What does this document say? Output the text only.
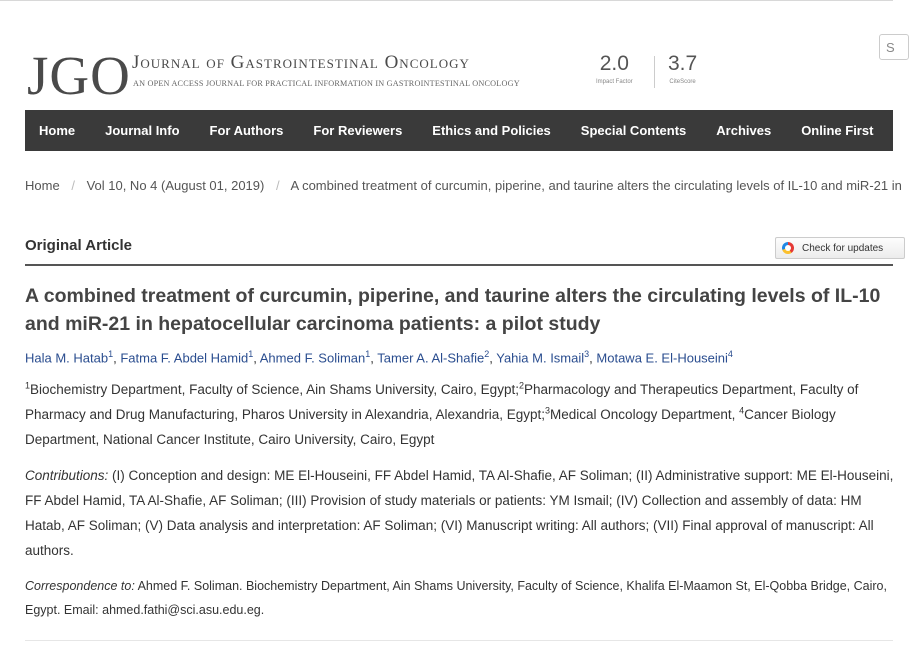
JGO Journal of Gastrointestinal Oncology
AN OPEN ACCESS JOURNAL FOR PRACTICAL INFORMATION IN GASTROINTESTINAL ONCOLOGY
2.0
Impact Factor
3.7
CiteScore
S
Home	Journal Info	For Authors	For Reviewers	Ethics and Policies	Special Contents	Archives	Online First
Home / Vol 10, No 4 (August 01, 2019) / A combined treatment of curcumin, piperine, and taurine alters the circulating levels of IL-10 and miR-21 in
Original Article	Check for updates
A combined treatment of curcumin, piperine, and taurine alters the circulating levels of IL-10 and miR-21 in hepatocellular carcinoma patients: a pilot study
Hala M. Hatab$^1$, Fatma F. Abdel Hamid$^1$, Ahmed F. Soliman$^1$, Tamer A. Al-Shafie$^2$, Yahia M. Ismail$^3$, Motawa E. El-Houseini$^4$
$^1$Biochemistry Department, Faculty of Science, Ain Shams University, Cairo, Egypt;$^2$Pharmacology and Therapeutics Department, Faculty of Pharmacy and Drug Manufacturing, Pharos University in Alexandria, Alexandria, Egypt;$^3$Medical Oncology Department, $^4$Cancer Biology Department, National Cancer Institute, Cairo University, Cairo, Egypt
Contributions: (I) Conception and design: ME El-Houseini, FF Abdel Hamid, TA Al-Shafie, AF Soliman; (II) Administrative support: ME El-Houseini, FF Abdel Hamid, TA Al-Shafie, AF Soliman; (III) Provision of study materials or patients: YM Ismail; (IV) Collection and assembly of data: HM Hatab, AF Soliman; (V) Data analysis and interpretation: AF Soliman; (VI) Manuscript writing: All authors; (VII) Final approval of manuscript: All authors.
Correspondence to: Ahmed F. Soliman. Biochemistry Department, Ain Shams University, Faculty of Science, Khalifa El-Maamon St, El-Qobba Bridge, Cairo, Egypt. Email: ahmed.fathi@sci.asu.edu.eg.
